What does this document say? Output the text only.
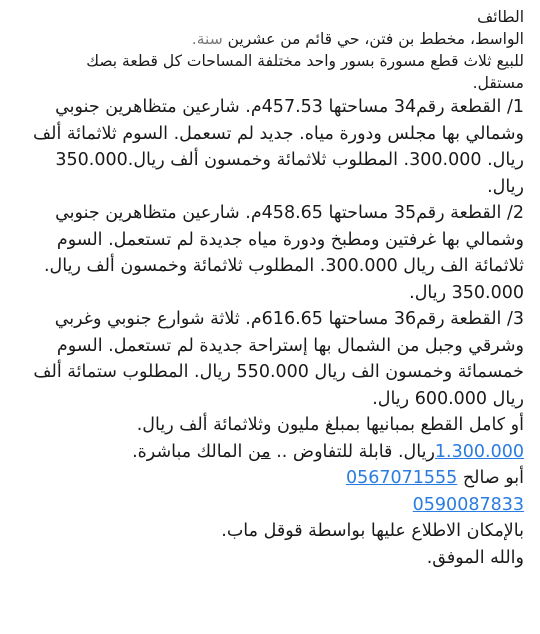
الطائف

الواسط، مخطط بن فتن، حي قائم من عشرين سنة.

للبيع ثلاث قطع مسورة بسور واحد مختلفة المساحات كل قطعة بصك

مستقل.

1/ القطعة رقم34 مساحتها 457.53م. شارعين متظاهرين جنوبي

وشمالي بها مجلس ودورة مياه. جديد لم تسعمل. السوم ثلاثمائة ألف

ريال. 300.000. المطلوب ثلاثمائة وخمسون ألف ريال.350.000

ريال.

2/ القطعة رقم35 مساحتها 458.65م. شارعين متظاهرين جنوبي

وشمالي بها غرفتين ومطبخ ودورة مياه جديدة لم تستعمل. السوم

ثلاثمائة الف ريال 300.000. المطلوب ثلاثمائة وخمسون ألف ريال.

350.000 ريال.

3/ القطعة رقم36 مساحتها 616.65م. ثلاثة شوارع جنوبي وغربي

وشرقي وجبل من الشمال بها إستراحة جديدة لم تستعمل. السوم

خمسمائة وخمسون الف ريال 550.000 ريال. المطلوب ستمائة ألف

ريال 600.000 ريال.

أو كامل القطع بمبانيها بمبلغ مليون وثلاثمائة ألف ريال.

1.300.000ريال. قابلة للتفاوض .. من المالك مباشرة.

أبو صالح 0567071555

0590087833

بالإمكان الاطلاع عليها بواسطة قوقل ماب.

والله الموفق.
